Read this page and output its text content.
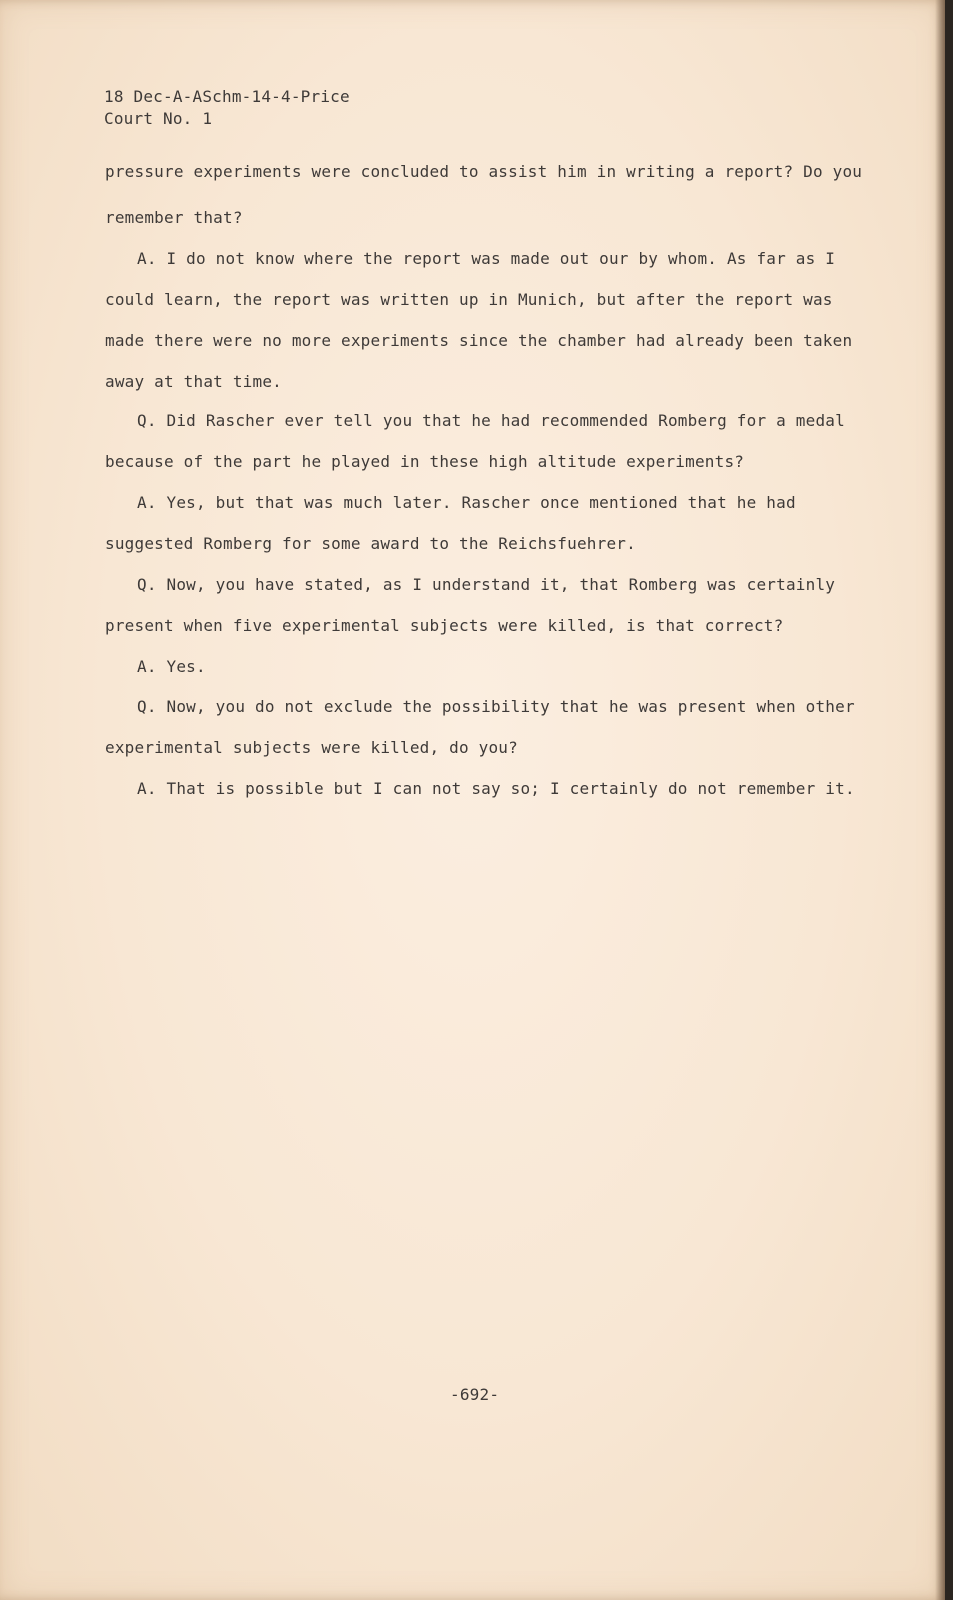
18 Dec-A-ASchm-14-4-Price
Court No. 1
pressure experiments were concluded to assist him in writing a report? Do you
remember that?
A. I do not know where the report was made out our by whom. As far as I
could learn, the report was written up in Munich, but after the report was
made there were no more experiments since the chamber had already been taken
away at that time.
Q. Did Rascher ever tell you that he had recommended Romberg for a medal
because of the part he played in these high altitude experiments?
A. Yes, but that was much later. Rascher once mentioned that he had
suggested Romberg for some award to the Reichsfuehrer.
Q. Now, you have stated, as I understand it, that Romberg was certainly
present when five experimental subjects were killed, is that correct?
A. Yes.
Q. Now, you do not exclude the possibility that he was present when other
experimental subjects were killed, do you?
A. That is possible but I can not say so; I certainly do not remember it.
-692-
